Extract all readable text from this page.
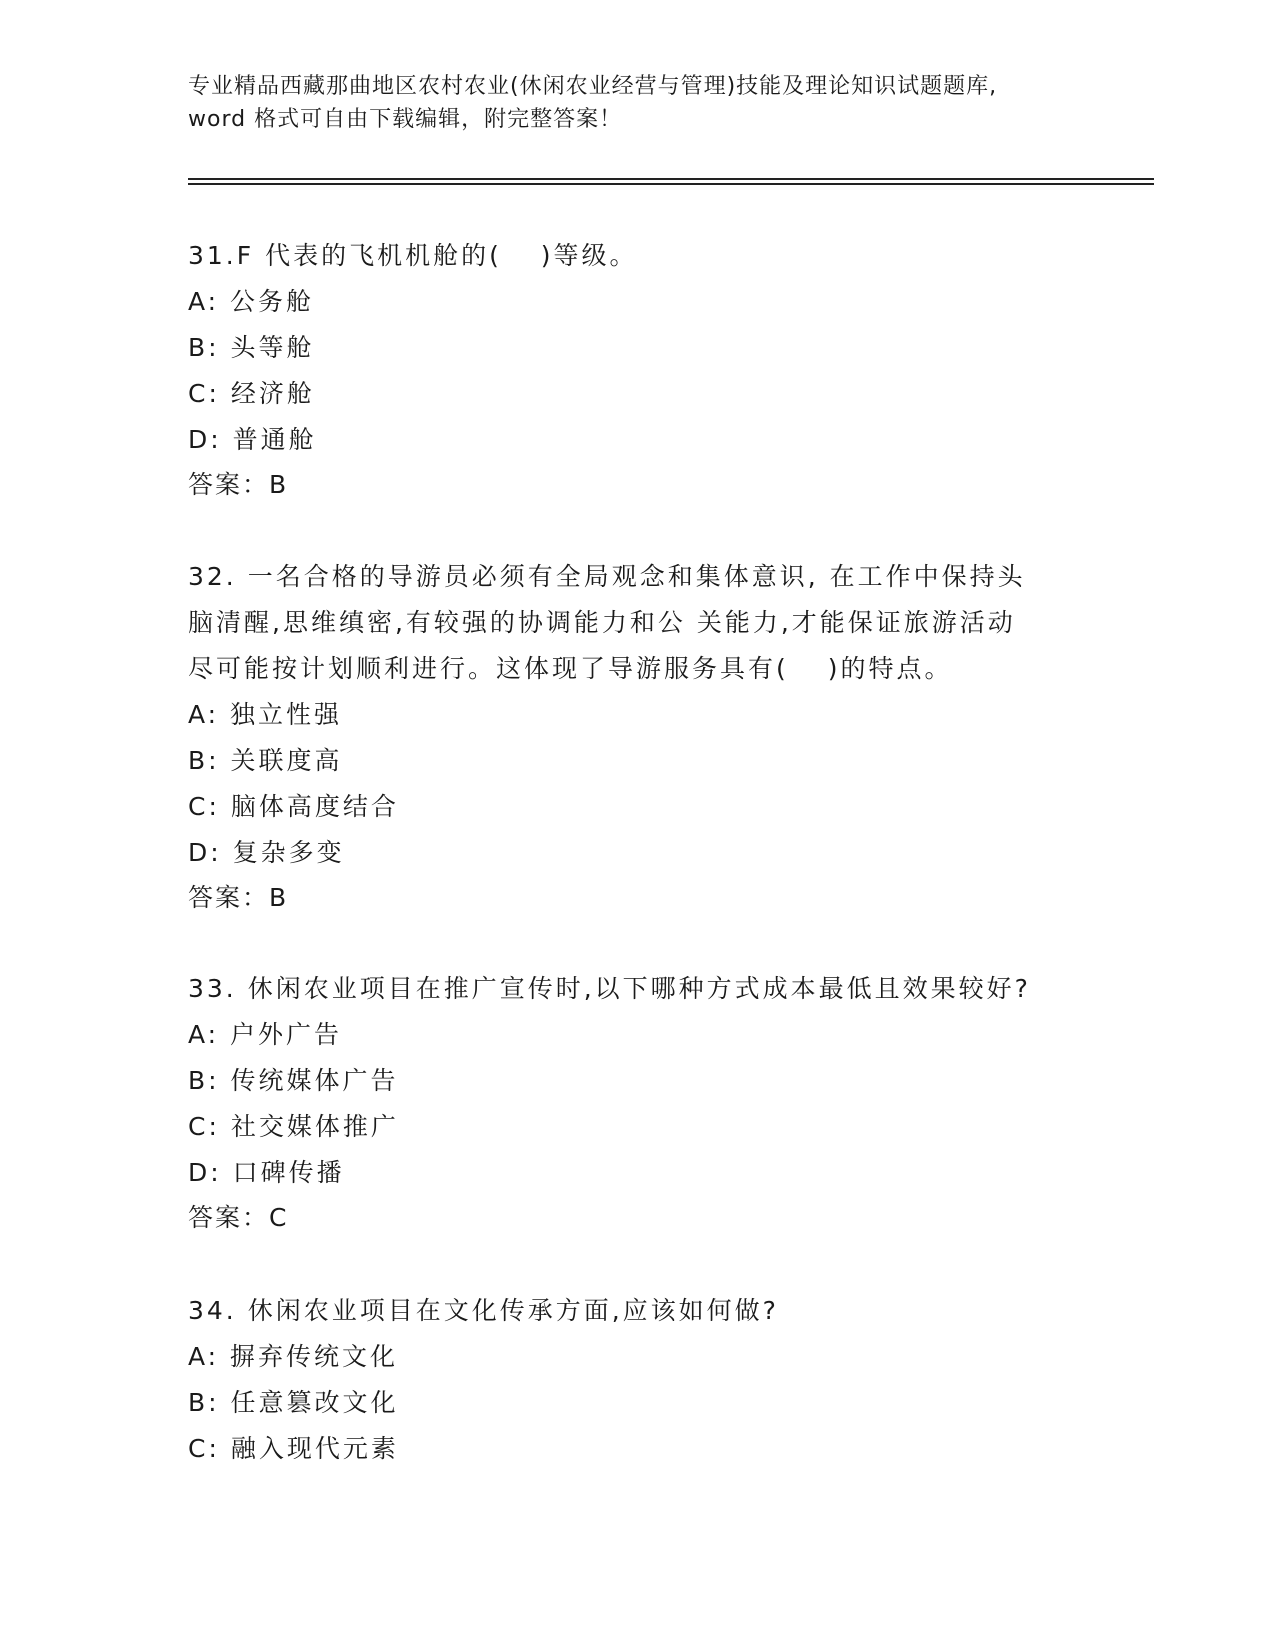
专业精品西藏那曲地区农村农业(休闲农业经营与管理)技能及理论知识试题题库,
word 格式可自由下载编辑，附完整答案！
31.F 代表的飞机机舱的(　 )等级。
A: 公务舱
B: 头等舱
C: 经济舱
D: 普通舱
答案：B
32. 一名合格的导游员必须有全局观念和集体意识, 在工作中保持头
脑清醒,思维缜密,有较强的协调能力和公 关能力,才能保证旅游活动
尽可能按计划顺利进行。这体现了导游服务具有(　 )的特点。
A: 独立性强
B: 关联度高
C: 脑体高度结合
D: 复杂多变
答案：B
33. 休闲农业项目在推广宣传时,以下哪种方式成本最低且效果较好?
A: 户外广告
B: 传统媒体广告
C: 社交媒体推广
D: 口碑传播
答案：C
34. 休闲农业项目在文化传承方面,应该如何做?
A: 摒弃传统文化
B: 任意篡改文化
C: 融入现代元素
